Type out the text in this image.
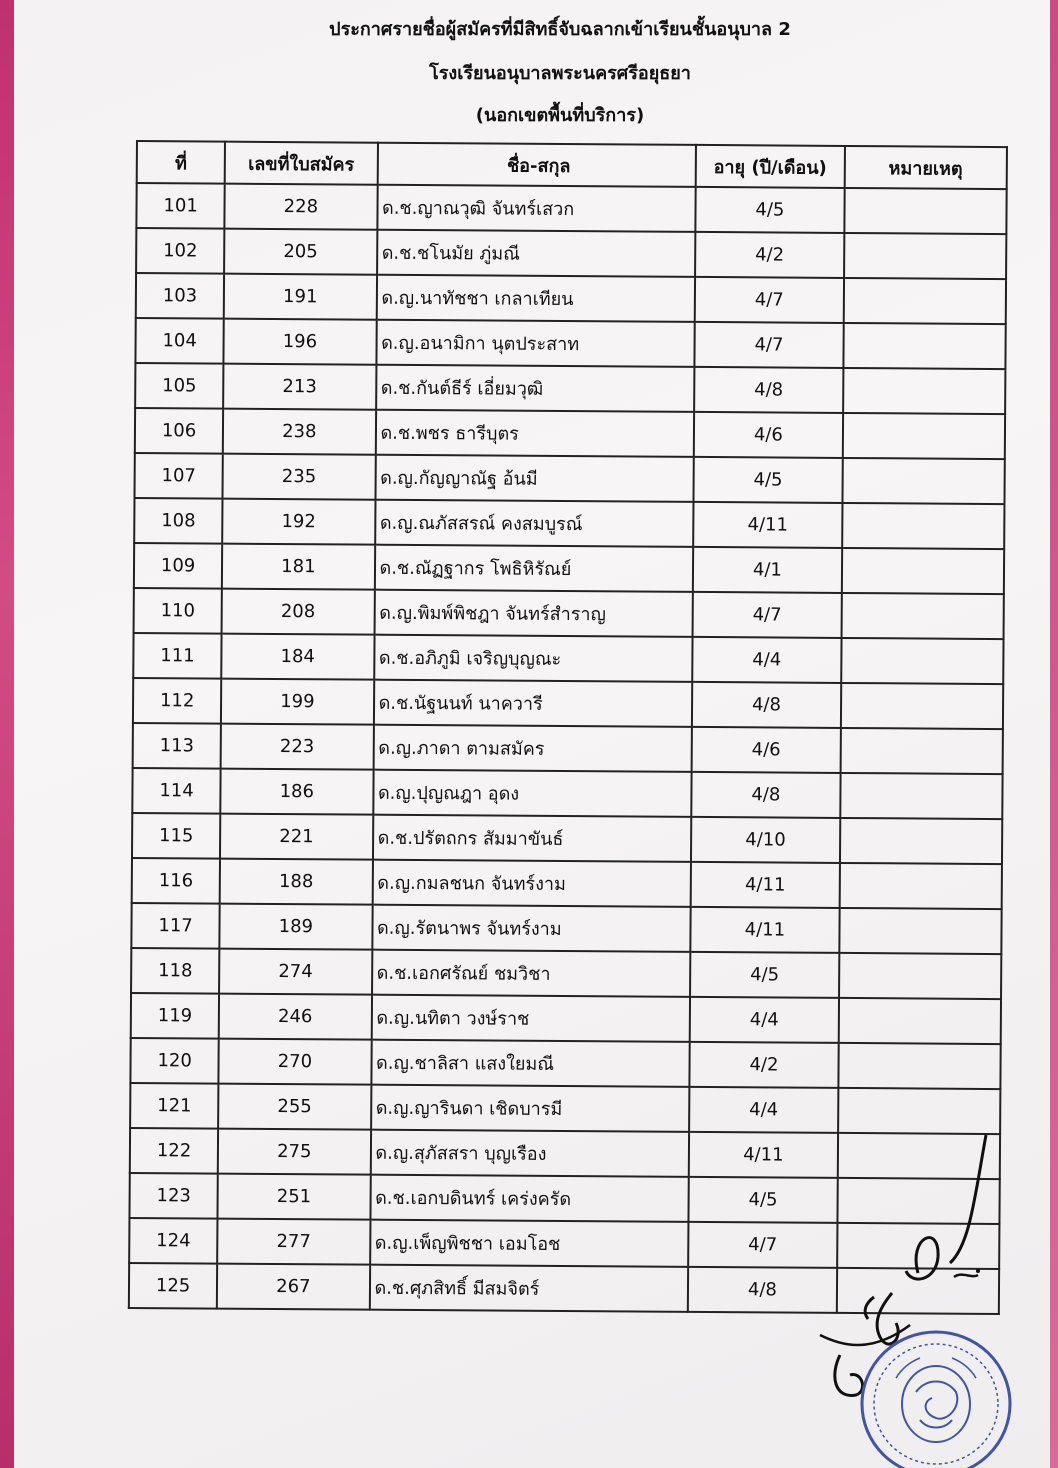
ประกาศรายชื่อผู้สมัครที่มีสิทธิ์จับฉลากเข้าเรียนชั้นอนุบาล 2
โรงเรียนอนุบาลพระนครศรีอยุธยา
(นอกเขตพื้นที่บริการ)
ที่	เลขที่ใบสมัคร	ชื่อ-สกุล	อายุ (ปี/เดือน)	หมายเหตุ
101	228	ด.ช.ญาณวุฒิ จันทร์เสวก	4/5	
102	205	ด.ช.ชโนมัย ภู่มณี	4/2	
103	191	ด.ญ.นาทัชชา เกลาเทียน	4/7	
104	196	ด.ญ.อนามิกา นุตประสาท	4/7	
105	213	ด.ช.กันต์ธีร์ เอี่ยมวุฒิ	4/8	
106	238	ด.ช.พชร ธารีบุตร	4/6	
107	235	ด.ญ.กัญญาณัฐ อ้นมี	4/5	
108	192	ด.ญ.ณภัสสรณ์ คงสมบูรณ์	4/11	
109	181	ด.ช.ณัฏฐากร โพธิหิรัณย์	4/1	
110	208	ด.ญ.พิมพ์พิชฎา จันทร์สำราญ	4/7	
111	184	ด.ช.อภิภูมิ เจริญบุญณะ	4/4	
112	199	ด.ช.นัฐนนท์ นาควารี	4/8	
113	223	ด.ญ.ภาดา ตามสมัคร	4/6	
114	186	ด.ญ.ปุญณฎา อุดง	4/8	
115	221	ด.ช.ปรัตถกร สัมมาขันธ์	4/10	
116	188	ด.ญ.กมลชนก จันทร์งาม	4/11	
117	189	ด.ญ.รัตนาพร จันทร์งาม	4/11	
118	274	ด.ช.เอกศรัณย์ ชมวิชา	4/5	
119	246	ด.ญ.นทิตา วงษ์ราช	4/4	
120	270	ด.ญ.ชาลิสา แสงใยมณี	4/2	
121	255	ด.ญ.ญารินดา เชิดบารมี	4/4	
122	275	ด.ญ.สุภัสสรา บุญเรือง	4/11	
123	251	ด.ช.เอกบดินทร์ เคร่งครัด	4/5	
124	277	ด.ญ.เพ็ญพิชชา เอมโอช	4/7	
125	267	ด.ช.ศุภสิทธิ์ มีสมจิตร์	4/8	
